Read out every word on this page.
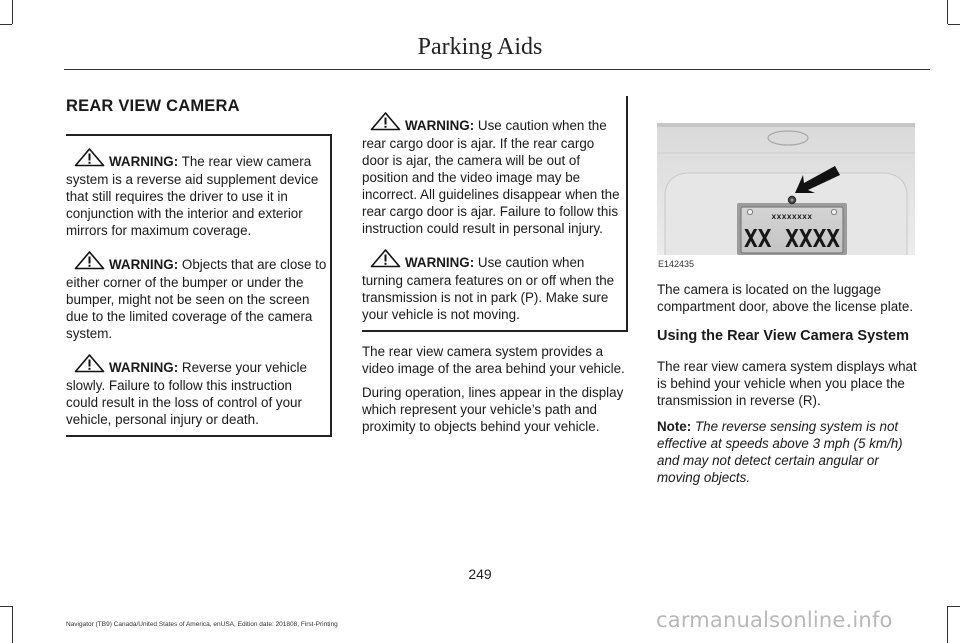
Parking Aids
REAR VIEW CAMERA
WARNING: The rear view camera system is a reverse aid supplement device that still requires the driver to use it in conjunction with the interior and exterior mirrors for maximum coverage.
WARNING: Objects that are close to either corner of the bumper or under the bumper, might not be seen on the screen due to the limited coverage of the camera system.
WARNING: Reverse your vehicle slowly. Failure to follow this instruction could result in the loss of control of your vehicle, personal injury or death.
WARNING: Use caution when the rear cargo door is ajar. If the rear cargo door is ajar, the camera will be out of position and the video image may be incorrect. All guidelines disappear when the rear cargo door is ajar. Failure to follow this instruction could result in personal injury.
WARNING: Use caution when turning camera features on or off when the transmission is not in park (P). Make sure your vehicle is not moving.

The rear view camera system provides a video image of the area behind your vehicle.

During operation, lines appear in the display which represent your vehicle’s path and proximity to objects behind your vehicle.

XXXXXXXX
XX XXXX
E142435

The camera is located on the luggage compartment door, above the license plate.

Using the Rear View Camera System

The rear view camera system displays what is behind your vehicle when you place the transmission in reverse (R).

Note: The reverse sensing system is not effective at speeds above 3 mph (5 km/h) and may not detect certain angular or moving objects.

249
Navigator (TB9) Canada/United States of America, enUSA, Edition date: 201808, First-Printing	carmanualsonline.info
